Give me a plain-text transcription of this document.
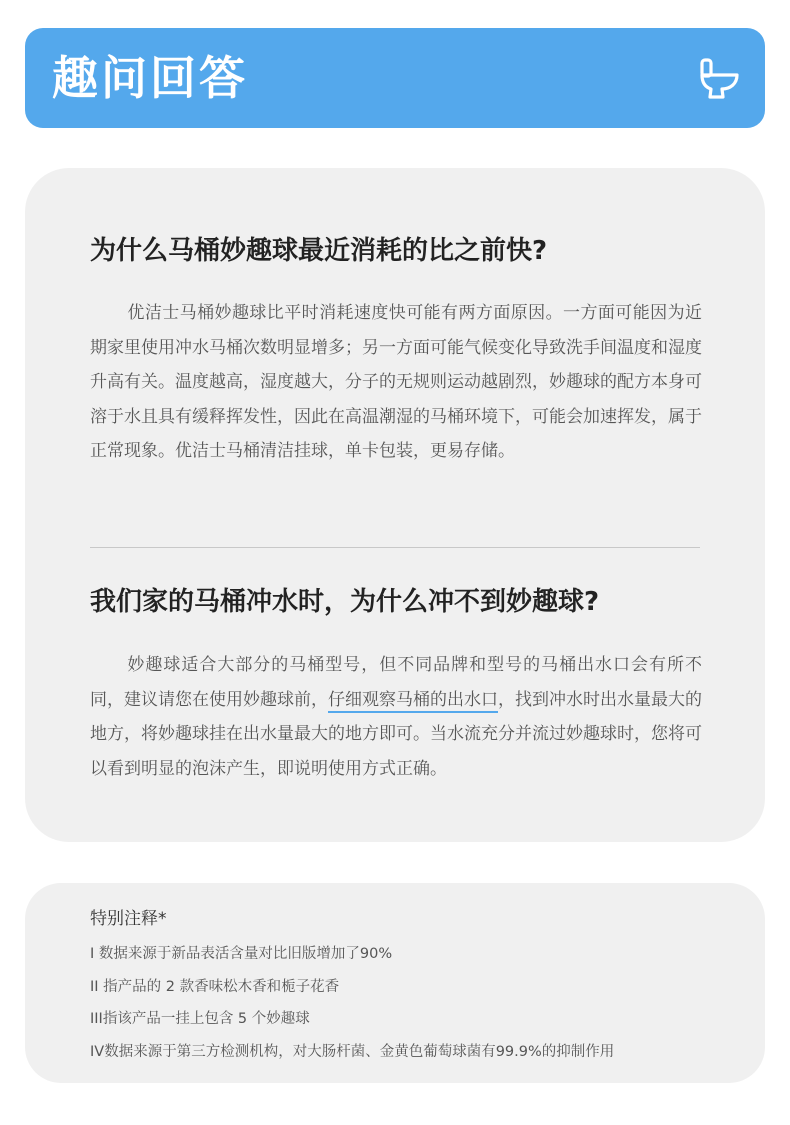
趣问回答
为什么马桶妙趣球最近消耗的比之前快?

优洁士马桶妙趣球比平时消耗速度快可能有两方面原因。一方面可能因为近期家里使用冲水马桶次数明显增多；另一方面可能气候变化导致洗手间温度和湿度升高有关。温度越高，湿度越大，分子的无规则运动越剧烈，妙趣球的配方本身可溶于水且具有缓释挥发性，因此在高温潮湿的马桶环境下，可能会加速挥发，属于正常现象。优洁士马桶清洁挂球，单卡包装，更易存储。

我们家的马桶冲水时，为什么冲不到妙趣球?

妙趣球适合大部分的马桶型号，但不同品牌和型号的马桶出水口会有所不同，建议请您在使用妙趣球前，仔细观察马桶的出水口，找到冲水时出水量最大的地方，将妙趣球挂在出水量最大的地方即可。当水流充分并流过妙趣球时，您将可以看到明显的泡沫产生，即说明使用方式正确。

特别注释*
I 数据来源于新品表活含量对比旧版增加了90%
II 指产品的 2 款香味松木香和栀子花香
III指该产品一挂上包含 5 个妙趣球
IV数据来源于第三方检测机构，对大肠杆菌、金黄色葡萄球菌有99.9%的抑制作用
